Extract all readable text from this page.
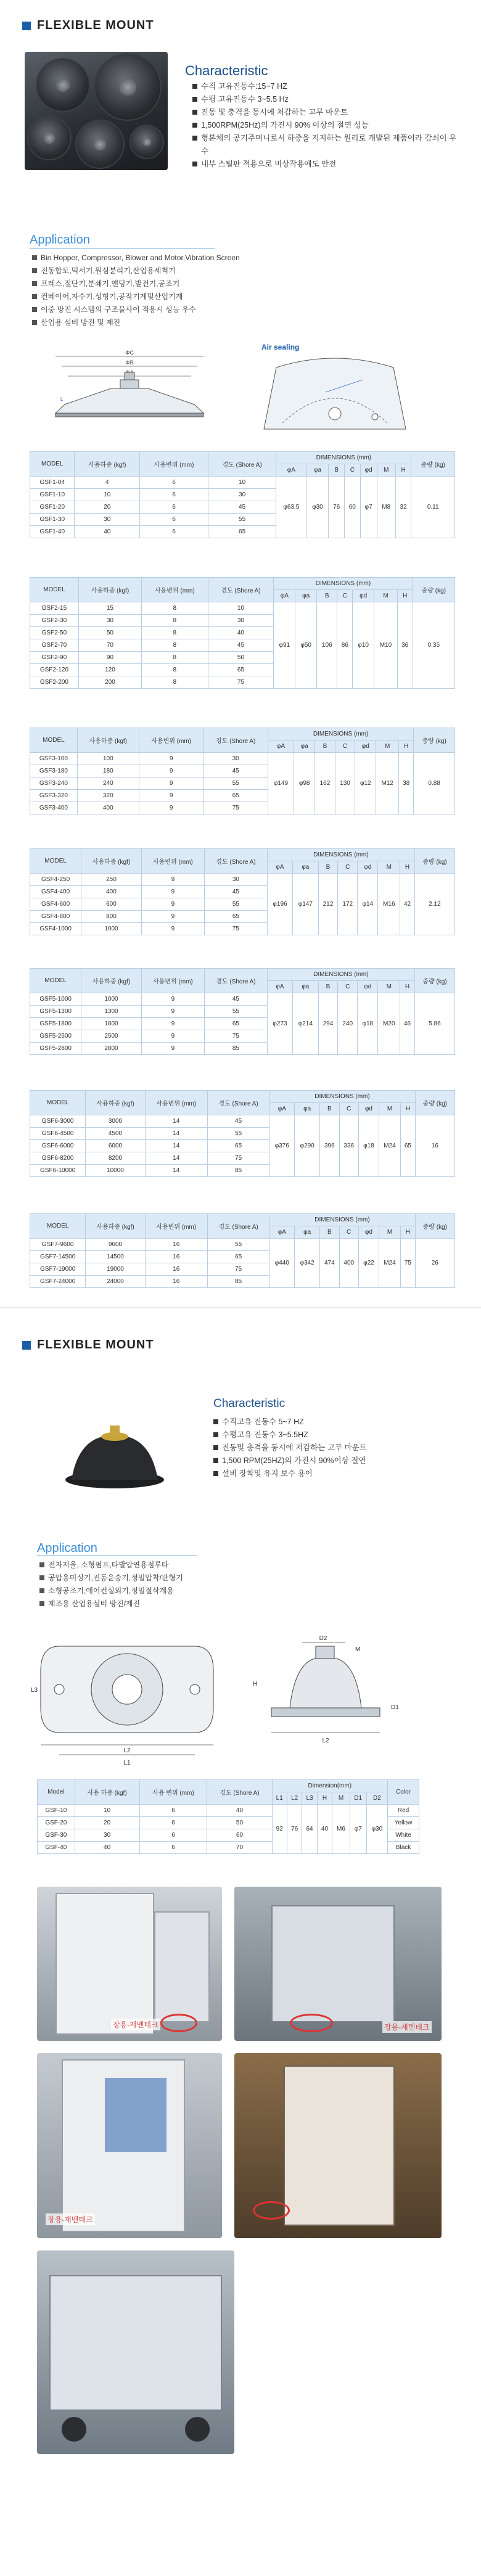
FLEXIBLE MOUNT
Characteristic
수직 고유진동수:15~7 HZ
수평 고유진동수 3~5.5 Hz
진동 및 충격을 동시에 처감하는 고무 마운트
1,500RPM(25Hz)의 가진시 90% 이상의 절연 성능
형본체의 공기주머니로서 하중을 지지하는 원리로 개발된 제품이라 감쇠이 우수
내부 스틸판 적용으로 비상작용에도 안전
Application
Bin Hopper, Compressor, Blower and Motor,Vibration Screen
진동합토,믹서기,원심분리기,산업용세척기
프레스,절단기,분쇄기,엔딩기,발전기,공조기
컨베이어,자수기,성형기,공작기계및산업기계
이중 방진 시스템의 구조물사이 적용시 성능 우수
산업용 설비 방진 및 제진
ΦC
ΦB
L
Air sealing
MODEL	사용하중 (kgf)	사용변위 (mm)	경도 (Shore A)	DIMENSIONS (mm)							중량 (kg)
				φA	φa	B	C	φd	M	H	
GSF1-04	4	6	10	φ63.5	φ30	76	60	φ7	M8	32	0.11
GSF1-10	10	6	30								
GSF1-20	20	6	45								
GSF1-30	30	6	55								
GSF1-40	40	6	65								
MODEL	사용하중 (kgf)	사용변위 (mm)	경도 (Shore A)	DIMENSIONS (mm)							중량 (kg)
				φA	φa	B	C	φd	M	H	
GSF2-15	15	8	10	φ91	φ50	106	86	φ10	M10	36	0.35
GSF2-30	30	8	30								
GSF2-50	50	8	40								
GSF2-70	70	8	45								
GSF2-90	90	8	50								
GSF2-120	120	8	65								
GSF2-200	200	8	75								
MODEL	사용하중 (kgf)	사용변위 (mm)	경도 (Shore A)	DIMENSIONS (mm)							중량 (kg)
				φA	φa	B	C	φd	M	H	
GSF3-100	100	9	30	φ149	φ98	162	130	φ12	M12	38	0.88
GSF3-180	180	9	45								
GSF3-240	240	9	55								
GSF3-320	320	9	65								
GSF3-400	400	9	75								
MODEL	사용하중 (kgf)	사용변위 (mm)	경도 (Shore A)	DIMENSIONS (mm)							중량 (kg)
				φA	φa	B	C	φd	M	H	
GSF4-250	250	9	30	φ196	φ147	212	172	φ14	M16	42	2.12
GSF4-400	400	9	45								
GSF4-600	600	9	55								
GSF4-800	800	9	65								
GSF4-1000	1000	9	75								
MODEL	사용하중 (kgf)	사용변위 (mm)	경도 (Shore A)	DIMENSIONS (mm)							중량 (kg)
				φA	φa	B	C	φd	M	H	
GSF5-1000	1000	9	45	φ273	φ214	294	240	φ18	M20	46	5.86
GSF5-1300	1300	9	55								
GSF5-1800	1800	9	65								
GSF5-2500	2500	9	75								
GSF5-2800	2800	9	85								
MODEL	사용하중 (kgf)	사용변위 (mm)	경도 (Shore A)	DIMENSIONS (mm)							중량 (kg)
				φA	φa	B	C	φd	M	H	
GSF6-3000	3000	14	45	φ376	φ290	396	336	φ18	M24	65	16
GSF6-4500	4500	14	55								
GSF6-6000	6000	14	65								
GSF6-8200	8200	14	75								
GSF6-10000	10000	14	85								
MODEL	사용하중 (kgf)	사용변위 (mm)	경도 (Shore A)	DIMENSIONS (mm)							중량 (kg)
				φA	φa	B	C	φd	M	H	
GSF7-9600	9600	16	55	φ440	φ342	474	400	φ22	M24	75	26
GSF7-14500	14500	16	65								
GSF7-19000	19000	16	75								
GSF7-24000	24000	16	85								
FLEXIBLE MOUNT
Characteristic
수직고유 진동수 5~7 HZ
수평고유 진동수 3~5.5HZ
진동및 충격을 동시에 저감하는 고무 마운트
1,500 RPM(25HZ)의 가진시 90%이상 절연
설비 장착및 유지 보수 용이
Application
전자저울, 소형펌프,타발압연용점루타
공압용미싱기,진동운송기,정밀압착/판형기
소형공조기,에어컨실외기,정밀절삭계용
제조용 산업용설비 방진/제진
L3
L2
L1
D2
M
H
L2
D1
Model	사용 하중 (kgf)	사용 변위 (mm)	경도 (Shore A)	Dimension(mm)							Color
				L1	L2	L3	H	M	D1	D2	
GSF-10	10	6	40	92	76	64	40	M6	φ7	φ30	Red
GSF-20	20	6	50								Yellow
GSF-30	30	6	60								White
GSF-40	40	6	70								Black
장용-재멘테크	장용-재멘테크
장용-재멘테크
